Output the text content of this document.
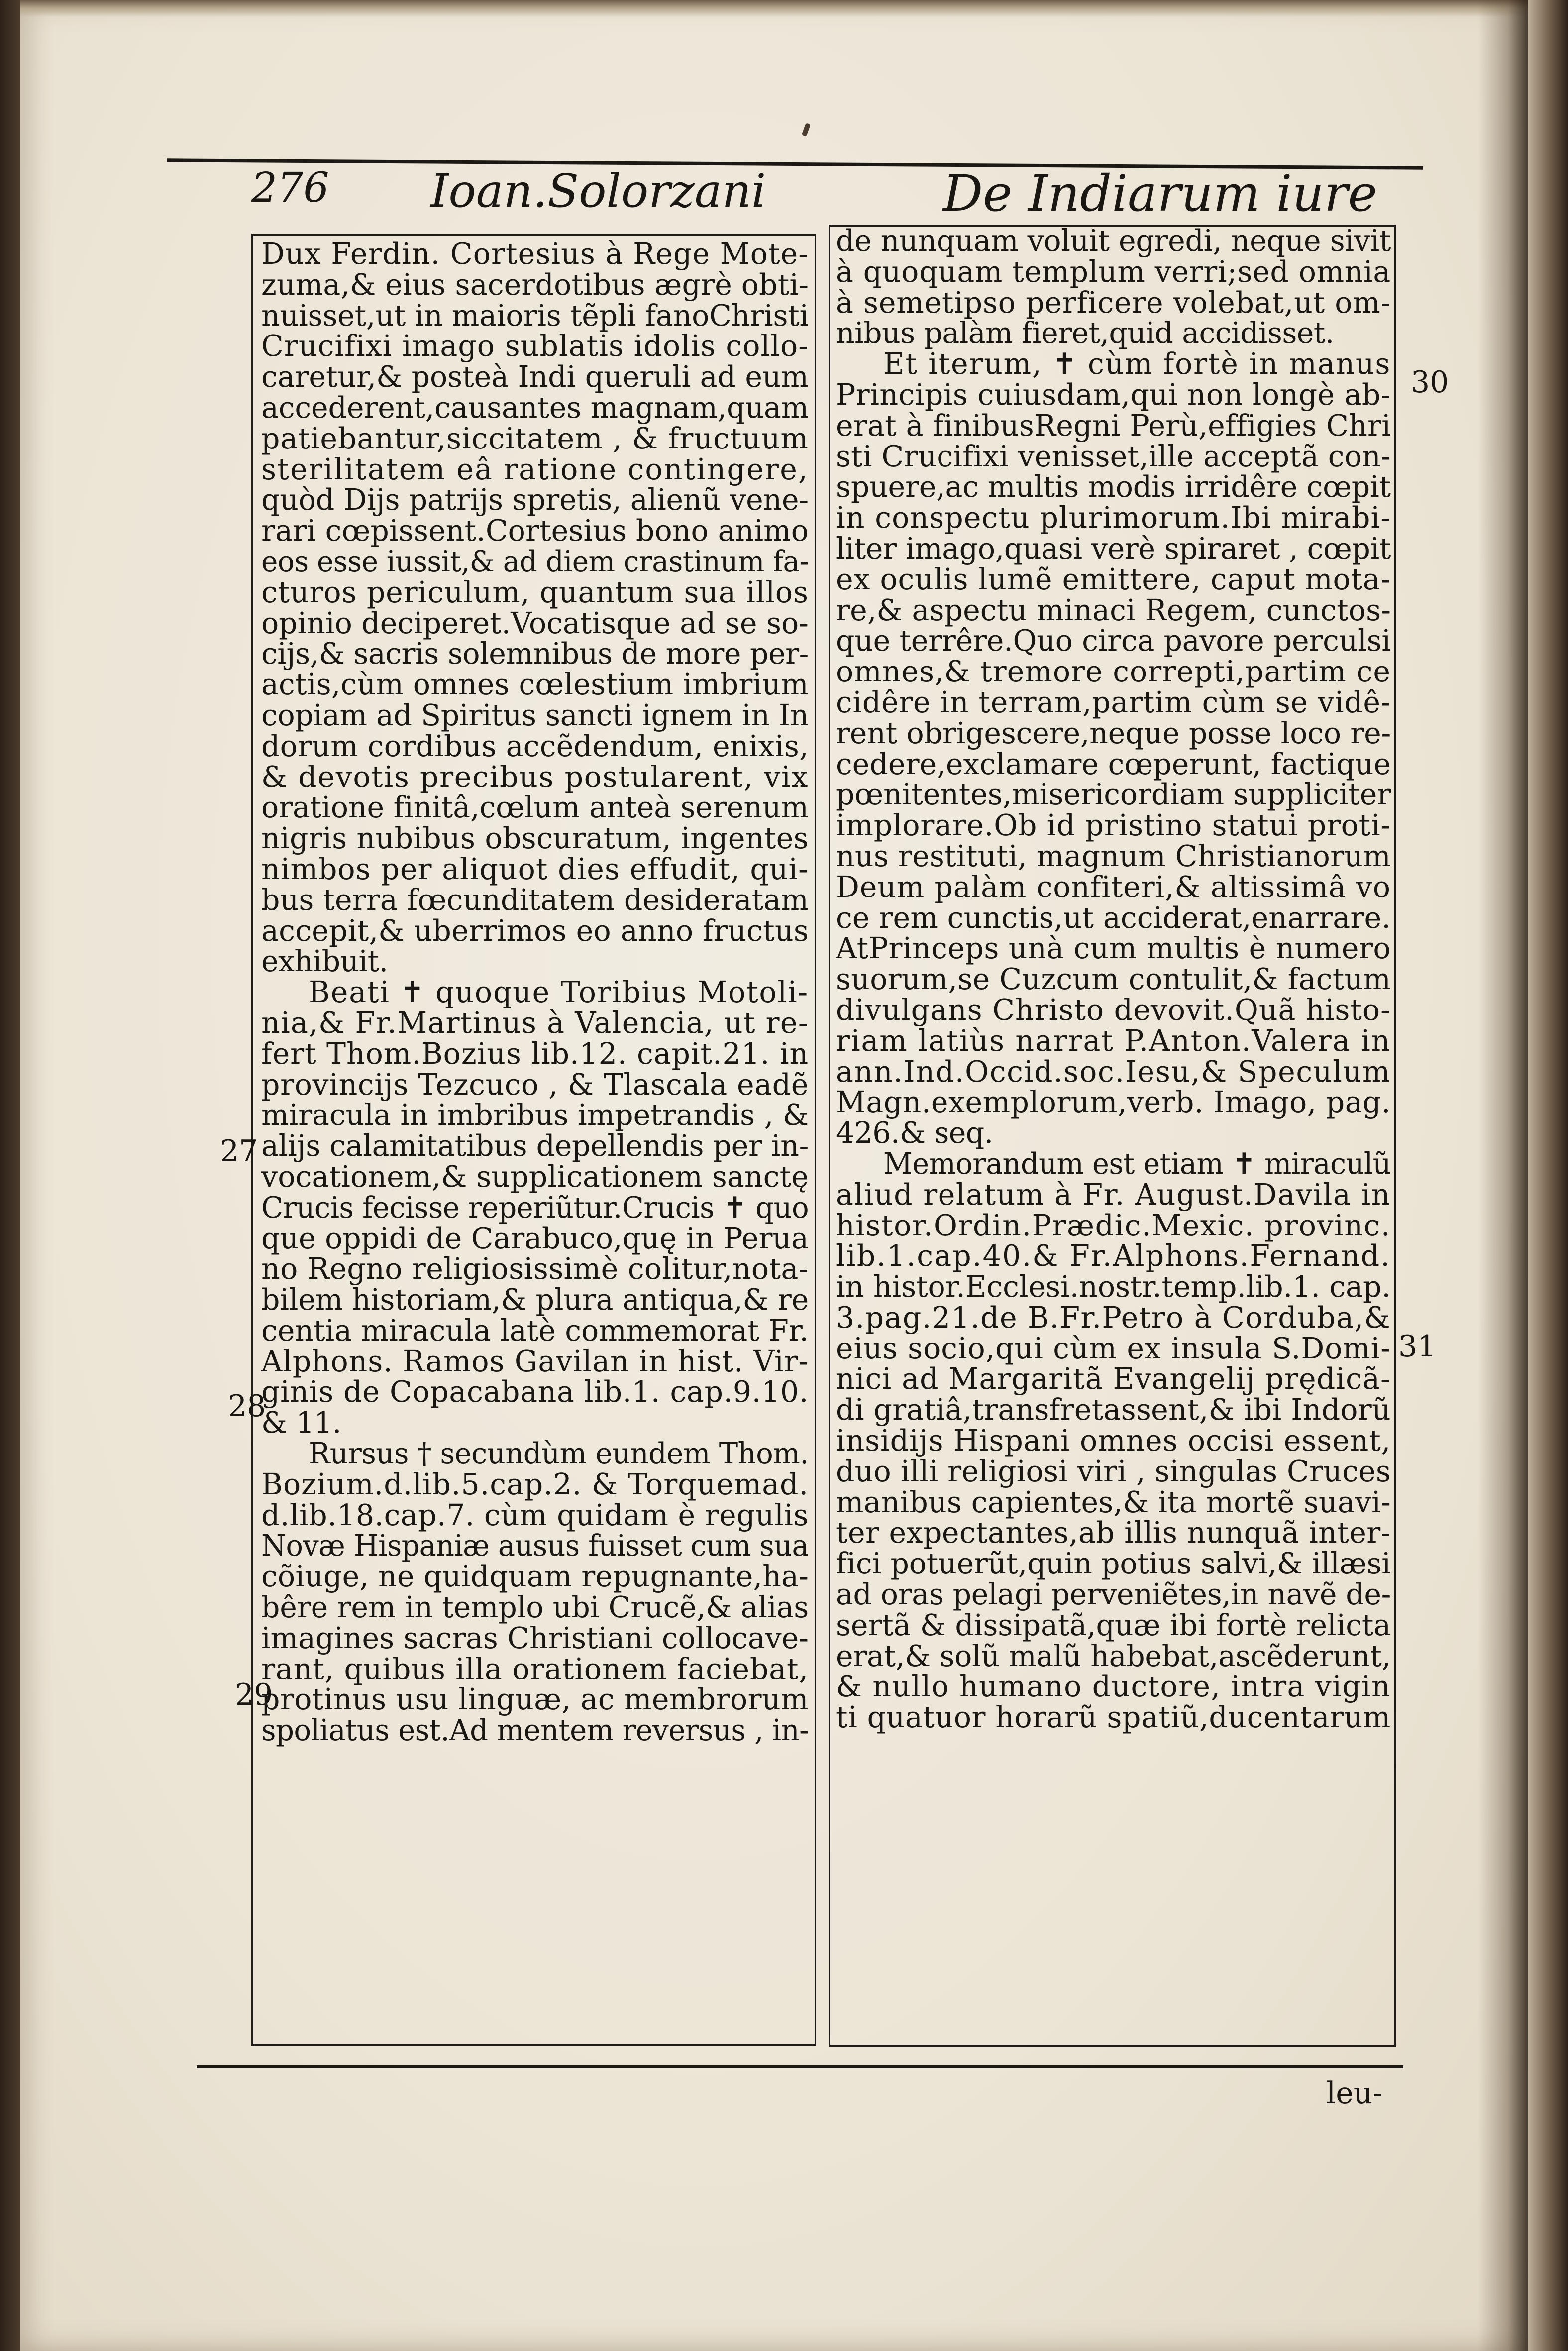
276 Ioan.Solorzani	De Indiarum iure
Dux Ferdin. Cortesius à Rege Mote-
zuma,& eius sacerdotibus ægrè obti-
nuisset,ut in maioris tẽpli fanoChristi
Crucifixi imago sublatis idolis collo-
caretur,& posteà Indi queruli ad eum
accederent,causantes magnam,quam
patiebantur,siccitatem , & fructuum
sterilitatem eâ ratione contingere,
quòd Dijs patrijs spretis, alienũ vene-
rari cœpissent.Cortesius bono animo
eos esse iussit,& ad diem crastinum fa-
cturos periculum, quantum sua illos
opinio deciperet.Vocatisque ad se so-
cijs,& sacris solemnibus de more per-
actis,cùm omnes cœlestium imbrium
copiam ad Spiritus sancti ignem in In
dorum cordibus accẽdendum, enixis,
& devotis precibus postularent, vix
oratione finitâ,cœlum anteà serenum
nigris nubibus obscuratum, ingentes
nimbos per aliquot dies effudit, qui-
bus terra fœcunditatem desideratam
accepit,& uberrimos eo anno fructus
exhibuit.
Beati ✝ quoque Toribius Motoli-
nia,& Fr.Martinus à Valencia, ut re-
fert Thom.Bozius lib.12. capit.21. in
provincijs Tezcuco , & Tlascala eadẽ
miracula in imbribus impetrandis , &
alijs calamitatibus depellendis per in-
vocationem,& supplicationem sanctę
Crucis fecisse reperiũtur.Crucis ✝ quo
que oppidi de Carabuco,quę in Perua
no Regno religiosissimè colitur,nota-
bilem historiam,& plura antiqua,& re
centia miracula latè commemorat Fr.
Alphons. Ramos Gavilan in hist. Vir-
ginis de Copacabana lib.1. cap.9.10.
& 11.
Rursus † secundùm eundem Thom.
Bozium.d.lib.5.cap.2. & Torquemad.
d.lib.18.cap.7. cùm quidam è regulis
Novæ Hispaniæ ausus fuisset cum sua
cõiuge, ne quidquam repugnante,ha-
bêre rem in templo ubi Crucẽ,& alias
imagines sacras Christiani collocave-
rant, quibus illa orationem faciebat,
protinus usu linguæ, ac membrorum
spoliatus est.Ad mentem reversus , in-
de nunquam voluit egredi, neque sivit
à quoquam templum verri;sed omnia
à semetipso perficere volebat,ut om-
nibus palàm fieret,quid accidisset.
Et iterum, ✝ cùm fortè in manus
Principis cuiusdam,qui non longè ab-
erat à finibusRegni Perù,effigies Chri
sti Crucifixi venisset,ille acceptã con-
spuere,ac multis modis irridêre cœpit
in conspectu plurimorum.Ibi mirabi-
liter imago,quasi verè spiraret , cœpit
ex oculis lumẽ emittere, caput mota-
re,& aspectu minaci Regem, cunctos-
que terrêre.Quo circa pavore perculsi
omnes,& tremore correpti,partim ce
cidêre in terram,partim cùm se vidê-
rent obrigescere,neque posse loco re-
cedere,exclamare cœperunt, factique
pœnitentes,misericordiam suppliciter
implorare.Ob id pristino statui proti-
nus restituti, magnum Christianorum
Deum palàm confiteri,& altissimâ vo
ce rem cunctis,ut acciderat,enarrare.
AtPrinceps unà cum multis è numero
suorum,se Cuzcum contulit,& factum
divulgans Christo devovit.Quã histo-
riam latiùs narrat P.Anton.Valera in
ann.Ind.Occid.soc.Iesu,& Speculum
Magn.exemplorum,verb. Imago, pag.
426.& seq.
Memorandum est etiam ✝ miraculũ
aliud relatum à Fr. August.Davila in
histor.Ordin.Prædic.Mexic. provinc.
lib.1.cap.40.& Fr.Alphons.Fernand.
in histor.Ecclesi.nostr.temp.lib.1. cap.
3.pag.21.de B.Fr.Petro à Corduba,&
eius socio,qui cùm ex insula S.Domi-
nici ad Margaritã Evangelij prędicã-
di gratiâ,transfretassent,& ibi Indorũ
insidijs Hispani omnes occisi essent,
duo illi religiosi viri , singulas Cruces
manibus capientes,& ita mortẽ suavi-
ter expectantes,ab illis nunquã inter-
fici potuerũt,quin potius salvi,& illæsi
ad oras pelagi perveniẽtes,in navẽ de-
sertã & dissipatã,quæ ibi fortè relicta
erat,& solũ malũ habebat,ascẽderunt,
& nullo humano ductore, intra vigin
ti quatuor horarũ spatiũ,ducentarum
27
28
29
30
31
leu-
